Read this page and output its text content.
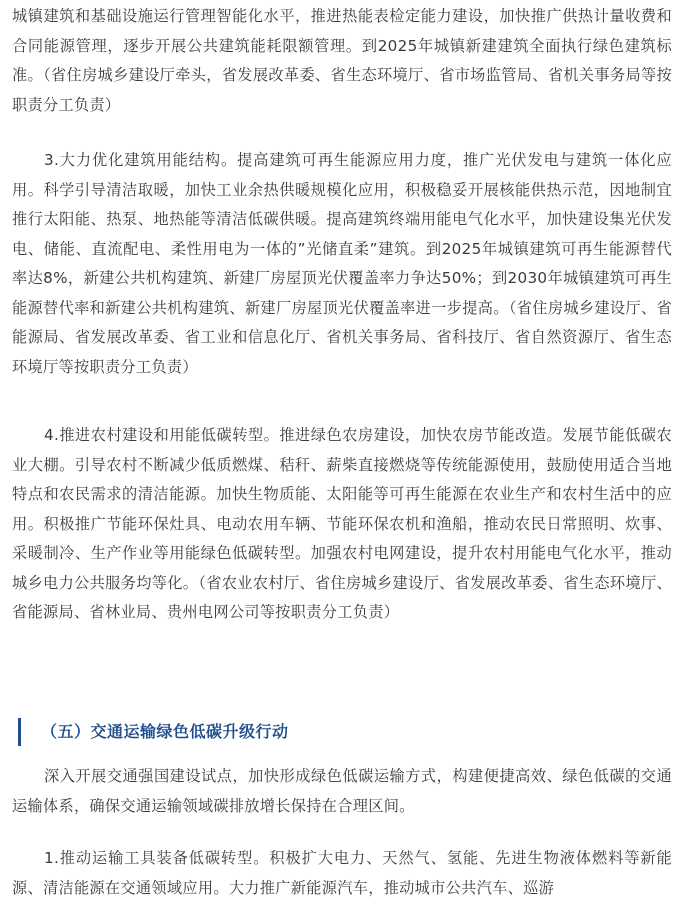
城镇建筑和基础设施运行管理智能化水平，推进热能表检定能力建设，加快推广供热计量收费和合同能源管理，逐步开展公共建筑能耗限额管理。到2025年城镇新建建筑全面执行绿色建筑标准。（省住房城乡建设厅牵头，省发展改革委、省生态环境厅、省市场监管局、省机关事务局等按职责分工负责）

3.大力优化建筑用能结构。提高建筑可再生能源应用力度，推广光伏发电与建筑一体化应用。科学引导清洁取暖，加快工业余热供暖规模化应用，积极稳妥开展核能供热示范，因地制宜推行太阳能、热泵、地热能等清洁低碳供暖。提高建筑终端用能电气化水平，加快建设集光伏发电、储能、直流配电、柔性用电为一体的”光储直柔”建筑。到2025年城镇建筑可再生能源替代率达8%，新建公共机构建筑、新建厂房屋顶光伏覆盖率力争达50%；到2030年城镇建筑可再生能源替代率和新建公共机构建筑、新建厂房屋顶光伏覆盖率进一步提高。（省住房城乡建设厅、省能源局、省发展改革委、省工业和信息化厅、省机关事务局、省科技厅、省自然资源厅、省生态环境厅等按职责分工负责）

4.推进农村建设和用能低碳转型。推进绿色农房建设，加快农房节能改造。发展节能低碳农业大棚。引导农村不断减少低质燃煤、秸秆、薪柴直接燃烧等传统能源使用，鼓励使用适合当地特点和农民需求的清洁能源。加快生物质能、太阳能等可再生能源在农业生产和农村生活中的应用。积极推广节能环保灶具、电动农用车辆、节能环保农机和渔船，推动农民日常照明、炊事、采暖制冷、生产作业等用能绿色低碳转型。加强农村电网建设，提升农村用能电气化水平，推动城乡电力公共服务均等化。（省农业农村厅、省住房城乡建设厅、省发展改革委、省生态环境厅、省能源局、省林业局、贵州电网公司等按职责分工负责）

（五）交通运输绿色低碳升级行动

深入开展交通强国建设试点，加快形成绿色低碳运输方式，构建便捷高效、绿色低碳的交通运输体系，确保交通运输领域碳排放增长保持在合理区间。

1.推动运输工具装备低碳转型。积极扩大电力、天然气、氢能、先进生物液体燃料等新能源、清洁能源在交通领域应用。大力推广新能源汽车，推动城市公共汽车、巡游
